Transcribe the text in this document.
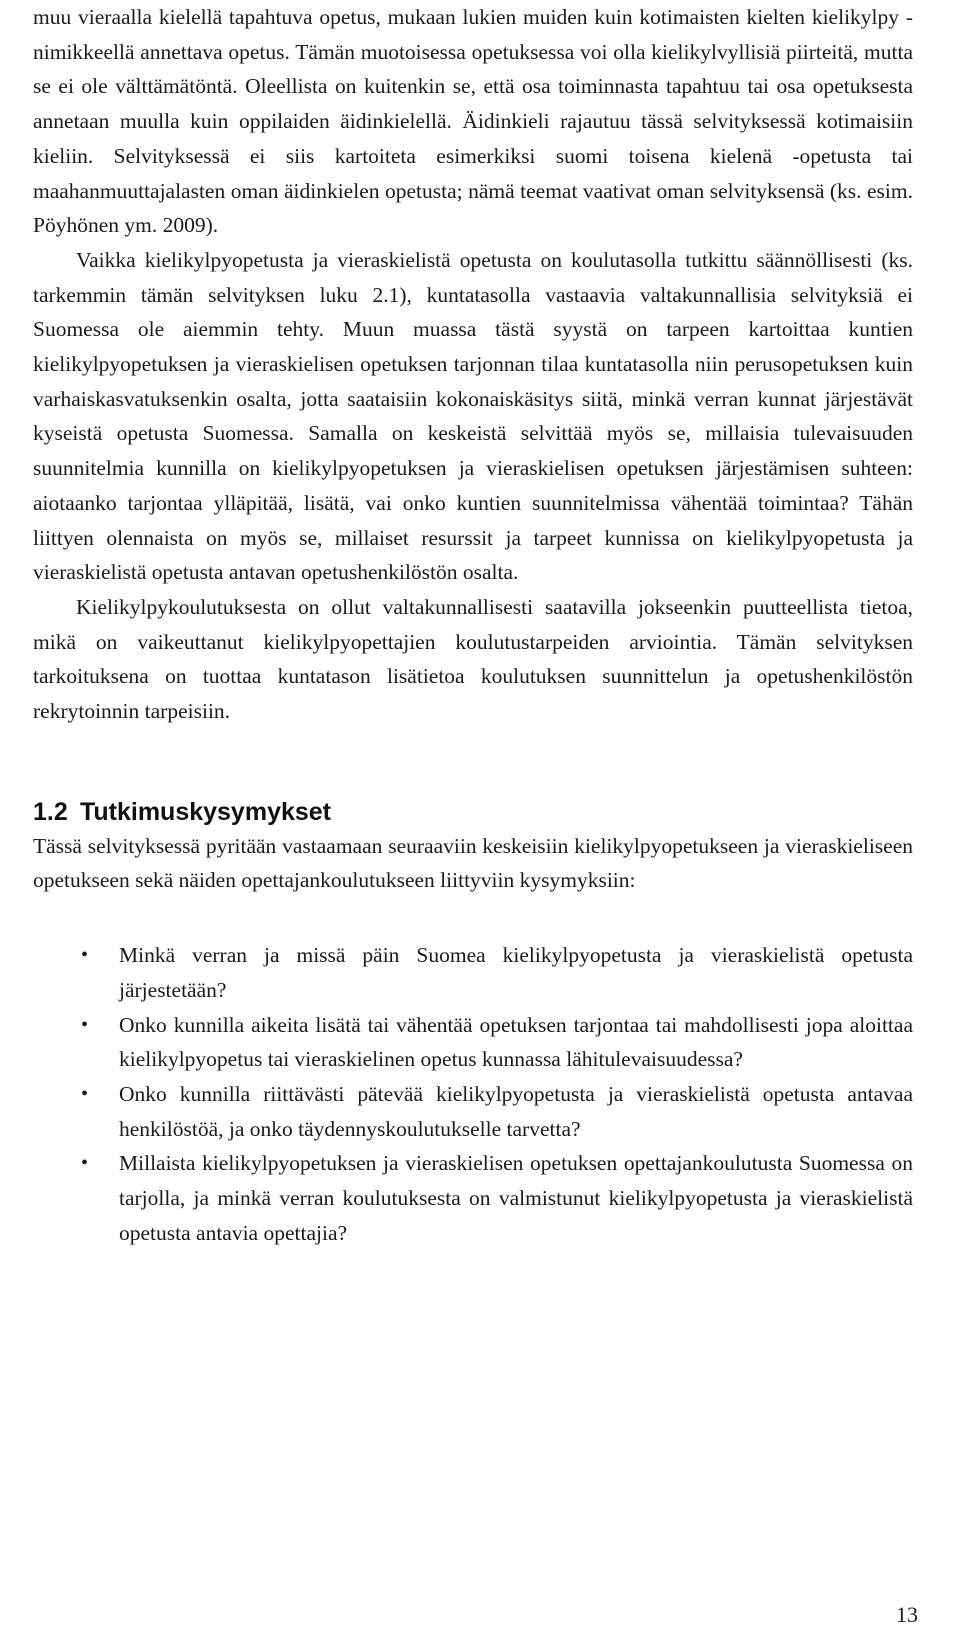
muu vieraalla kielellä tapahtuva opetus, mukaan lukien muiden kuin kotimaisten kielten kielikylpy -nimikkeellä annettava opetus. Tämän muotoisessa opetuksessa voi olla kielikylvyllisiä piirteitä, mutta se ei ole välttämätöntä. Oleellista on kuitenkin se, että osa toiminnasta tapahtuu tai osa opetuksesta annetaan muulla kuin oppilaiden äidinkielellä. Äidinkieli rajautuu tässä selvityksessä kotimaisiin kieliin. Selvityksessä ei siis kartoiteta esimerkiksi suomi toisena kielenä -opetusta tai maahanmuuttajalasten oman äidinkielen opetusta; nämä teemat vaativat oman selvityksensä (ks. esim. Pöyhönen ym. 2009).

Vaikka kielikylpyopetusta ja vieraskielistä opetusta on koulutasolla tutkittu säännöllisesti (ks. tarkemmin tämän selvityksen luku 2.1), kuntatasolla vastaavia valtakunnallisia selvityksiä ei Suomessa ole aiemmin tehty. Muun muassa tästä syystä on tarpeen kartoittaa kuntien kielikylpyopetuksen ja vieraskielisen opetuksen tarjonnan tilaa kuntatasolla niin perusopetuksen kuin varhaiskasvatuksenkin osalta, jotta saataisiin kokonaiskäsitys siitä, minkä verran kunnat järjestävät kyseistä opetusta Suomessa. Samalla on keskeistä selvittää myös se, millaisia tulevaisuuden suunnitelmia kunnilla on kielikylpyopetuksen ja vieraskielisen opetuksen järjestämisen suhteen: aiotaanko tarjontaa ylläpitää, lisätä, vai onko kuntien suunnitelmissa vähentää toimintaa? Tähän liittyen olennaista on myös se, millaiset resurssit ja tarpeet kunnissa on kielikylpyopetusta ja vieraskielistä opetusta antavan opetushenkilöstön osalta.

Kielikylpykoulutuksesta on ollut valtakunnallisesti saatavilla jokseenkin puutteellista tietoa, mikä on vaikeuttanut kielikylpyopettajien koulutustarpeiden arviointia. Tämän selvityksen tarkoituksena on tuottaa kuntatason lisätietoa koulutuksen suunnittelun ja opetushenkilöstön rekrytoinnin tarpeisiin.

1.2 Tutkimuskysymykset

Tässä selvityksessä pyritään vastaamaan seuraaviin keskeisiin kielikylpyopetukseen ja vieraskieliseen opetukseen sekä näiden opettajankoulutukseen liittyviin kysymyksiin:

• Minkä verran ja missä päin Suomea kielikylpyopetusta ja vieraskielistä opetusta järjestetään?
• Onko kunnilla aikeita lisätä tai vähentää opetuksen tarjontaa tai mahdollisesti jopa aloittaa kielikylpyopetus tai vieraskielinen opetus kunnassa lähitulevaisuudessa?
• Onko kunnilla riittävästi pätevää kielikylpyopetusta ja vieraskielistä opetusta antavaa henkilöstöä, ja onko täydennyskoulutukselle tarvetta?
• Millaista kielikylpyopetuksen ja vieraskielisen opetuksen opettajankoulutusta Suomessa on tarjolla, ja minkä verran koulutuksesta on valmistunut kielikylpyopetusta ja vieraskielistä opetusta antavia opettajia?
13
